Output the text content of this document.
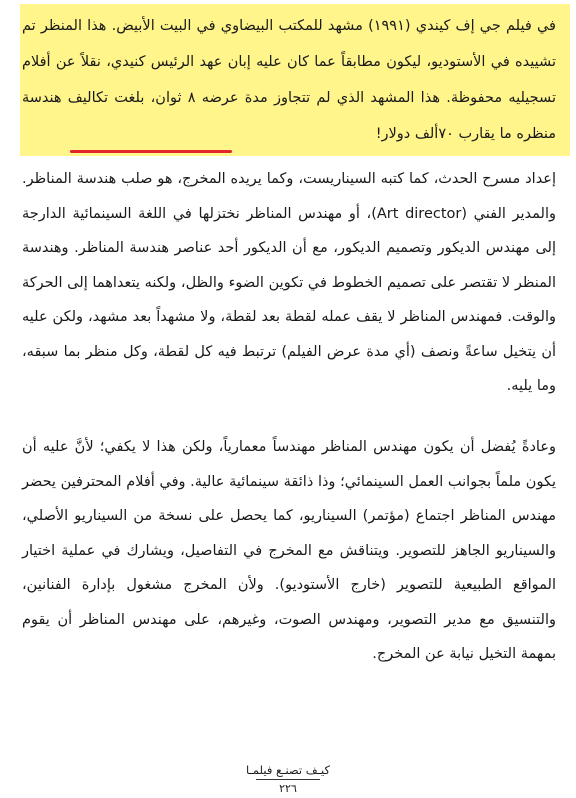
في فيلم جي إف كيندي (١٩٩١) مشهد للمكتب البيضاوي في البيت الأبيض. هذا المنظر تم تشييده في الأستوديو، ليكون مطابقاً عما كان عليه إبان عهد الرئيس كنيدي، نقلاً عن أفلام تسجيليه محفوظة. هذا المشهد الذي لم تتجاوز مدة عرضه ٨ ثوان، بلغت تكاليف هندسة منظره ما يقارب ٧٠ألف دولار!

إعداد مسرح الحدث، كما كتبه السيناريست، وكما يريده المخرج، هو صلب هندسة المناظر. والمدير الفني (Art director)، أو مهندس المناظر نختزلها في اللغة السينمائية الدارجة إلى مهندس الديكور وتصميم الديكور، مع أن الديكور أحد عناصر هندسة المناظر. وهندسة المنظر لا تقتصر على تصميم الخطوط في تكوين الضوء والظل، ولكنه يتعداهما إلى الحركة والوقت. فمهندس المناظر لا يقف عمله لقطة بعد لقطة، ولا مشهداً بعد مشهد، ولكن عليه أن يتخيل ساعةً ونصف (أي مدة عرض الفيلم) ترتبط فيه كل لقطة، وكل منظر بما سبقه، وما يليه.

وعادةً يُفضل أن يكون مهندس المناظر مهندساً معمارياً، ولكن هذا لا يكفي؛ لأنَّ عليه أن يكون ملماً بجوانب العمل السينمائي؛ وذا ذائقة سينمائية عالية. وفي أفلام المحترفين يحضر مهندس المناظر اجتماع (مؤتمر) السيناريو، كما يحصل على نسخة من السيناريو الأصلي، والسيناريو الجاهز للتصوير. ويتناقش مع المخرج في التفاصيل، ويشارك في عملية اختيار المواقع الطبيعية للتصوير (خارج الأستوديو). ولأن المخرج مشغول بإدارة الفنانين، والتنسيق مع مدير التصوير، ومهندس الصوت، وغيرهم، على مهندس المناظر أن يقوم بمهمة التخيل نيابة عن المخرج.

كيـف تصنـع فيلمـا
٢٢٦
